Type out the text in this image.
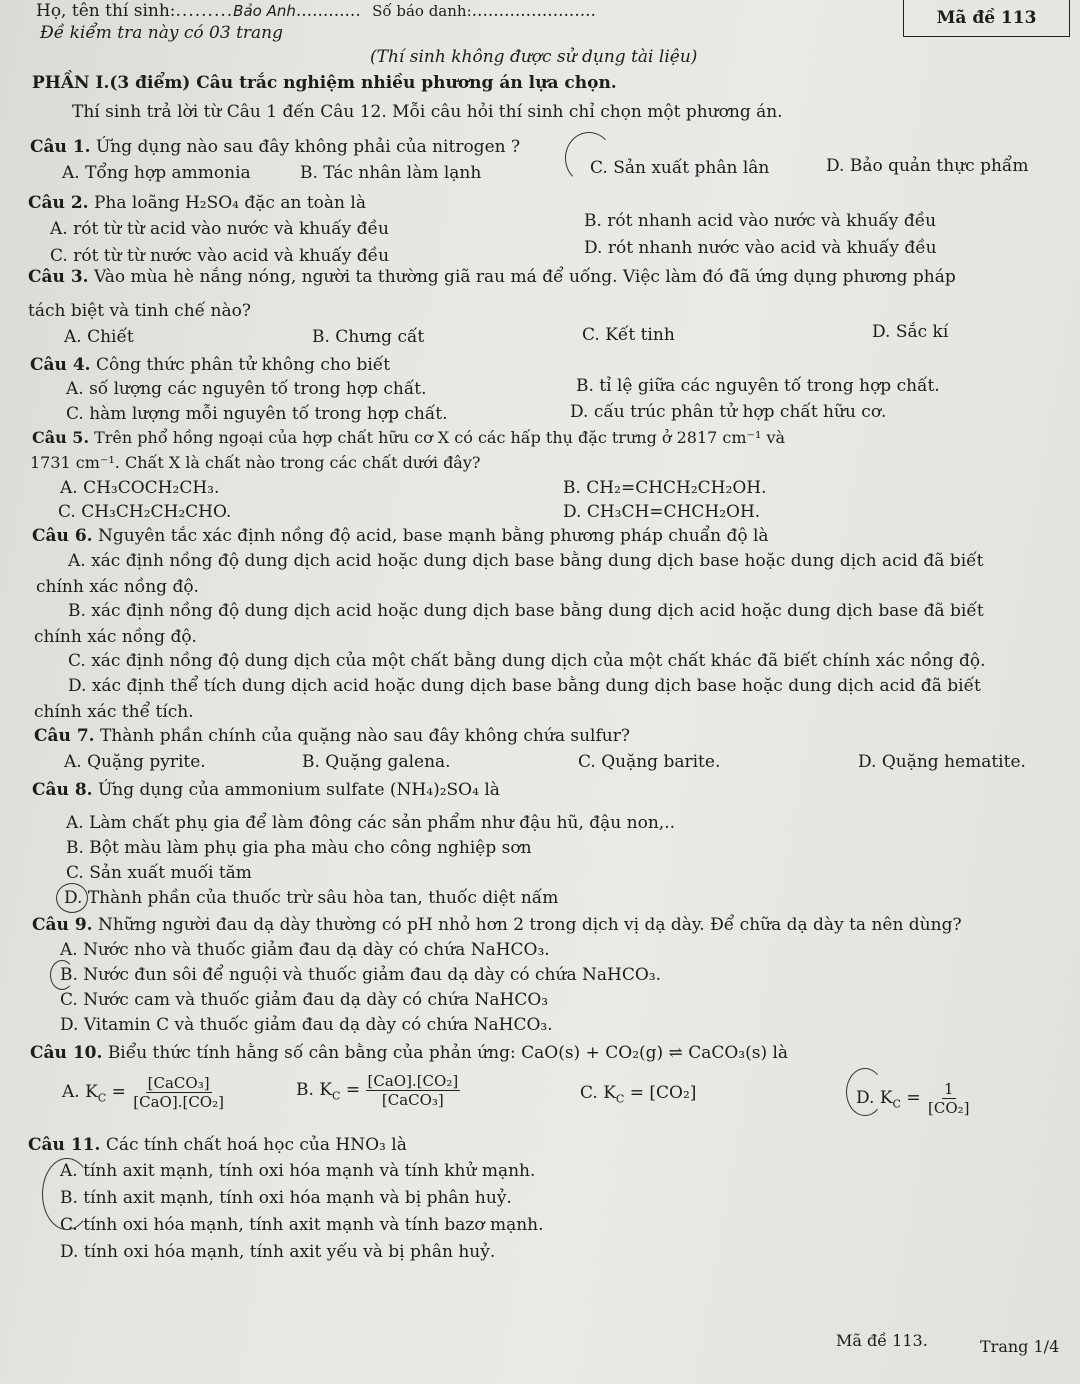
Họ, tên thí sinh:.........Bảo Anh............ Số báo danh:.......................	Mã đề 113
Đề kiểm tra này có 03 trang
(Thí sinh không được sử dụng tài liệu)
PHẦN I.(3 điểm) Câu trắc nghiệm nhiều phương án lựa chọn.
Thí sinh trả lời từ Câu 1 đến Câu 12. Mỗi câu hỏi thí sinh chỉ chọn một phương án.
Câu 1. Ứng dụng nào sau đây không phải của nitrogen ?
A. Tổng hợp ammonia	B. Tác nhân làm lạnh	C. Sản xuất phân lân	D. Bảo quản thực phẩm
Câu 2. Pha loãng H₂SO₄ đặc an toàn là
A. rót từ từ acid vào nước và khuấy đều	B. rót nhanh acid vào nước và khuấy đều
C. rót từ từ nước vào acid và khuấy đều	D. rót nhanh nước vào acid và khuấy đều
Câu 3. Vào mùa hè nắng nóng, người ta thường giã rau má để uống. Việc làm đó đã ứng dụng phương pháp
tách biệt và tinh chế nào?
A. Chiết	B. Chưng cất	C. Kết tinh	D. Sắc kí
Câu 4. Công thức phân tử không cho biết
A. số lượng các nguyên tố trong hợp chất.	B. tỉ lệ giữa các nguyên tố trong hợp chất.
C. hàm lượng mỗi nguyên tố trong hợp chất.	D. cấu trúc phân tử hợp chất hữu cơ.
Câu 5. Trên phổ hồng ngoại của hợp chất hữu cơ X có các hấp thụ đặc trưng ở 2817 cm⁻¹ và
1731 cm⁻¹. Chất X là chất nào trong các chất dưới đây?
A. CH₃COCH₂CH₃.	B. CH₂=CHCH₂CH₂OH.
C. CH₃CH₂CH₂CHO.	D. CH₃CH=CHCH₂OH.
Câu 6. Nguyên tắc xác định nồng độ acid, base mạnh bằng phương pháp chuẩn độ là
A. xác định nồng độ dung dịch acid hoặc dung dịch base bằng dung dịch base hoặc dung dịch acid đã biết
chính xác nồng độ.
B. xác định nồng độ dung dịch acid hoặc dung dịch base bằng dung dịch acid hoặc dung dịch base đã biết
chính xác nồng độ.
C. xác định nồng độ dung dịch của một chất bằng dung dịch của một chất khác đã biết chính xác nồng độ.
D. xác định thể tích dung dịch acid hoặc dung dịch base bằng dung dịch base hoặc dung dịch acid đã biết
chính xác thể tích.
Câu 7. Thành phần chính của quặng nào sau đây không chứa sulfur?
A. Quặng pyrite.	B. Quặng galena.	C. Quặng barite.	D. Quặng hematite.
Câu 8. Ứng dụng của ammonium sulfate (NH₄)₂SO₄ là
A. Làm chất phụ gia để làm đông các sản phẩm như đậu hũ, đậu non,..
B. Bột màu làm phụ gia pha màu cho công nghiệp sơn
C. Sản xuất muối tăm
D. Thành phần của thuốc trừ sâu hòa tan, thuốc diệt nấm
Câu 9. Những người đau dạ dày thường có pH nhỏ hơn 2 trong dịch vị dạ dày. Để chữa dạ dày ta nên dùng?
A. Nước nho và thuốc giảm đau dạ dày có chứa NaHCO₃.
B. Nước đun sôi để nguội và thuốc giảm đau dạ dày có chứa NaHCO₃.
C. Nước cam và thuốc giảm đau dạ dày có chứa NaHCO₃
D. Vitamin C và thuốc giảm đau dạ dày có chứa NaHCO₃.
Câu 10. Biểu thức tính hằng số cân bằng của phản ứng: CaO(s) + CO₂(g) ⇌ CaCO₃(s) là
A. $K_C = \frac{\text{[CaCO₃]}}{\text{[CaO].[CO₂]}}$	B. $K_C = \frac{\text{[CaO].[CO₂]}}{\text{[CaCO₃]}}$	C. $K_C = [CO_2]$	D. $K_C = \frac{1}{\text{[CO₂]}}$
Câu 11. Các tính chất hoá học của HNO₃ là
A. tính axit mạnh, tính oxi hóa mạnh và tính khử mạnh.
B. tính axit mạnh, tính oxi hóa mạnh và bị phân huỷ.
C. tính oxi hóa mạnh, tính axit mạnh và tính bazơ mạnh.
D. tính oxi hóa mạnh, tính axit yếu và bị phân huỷ.
Mã đề 113.	Trang 1/4
